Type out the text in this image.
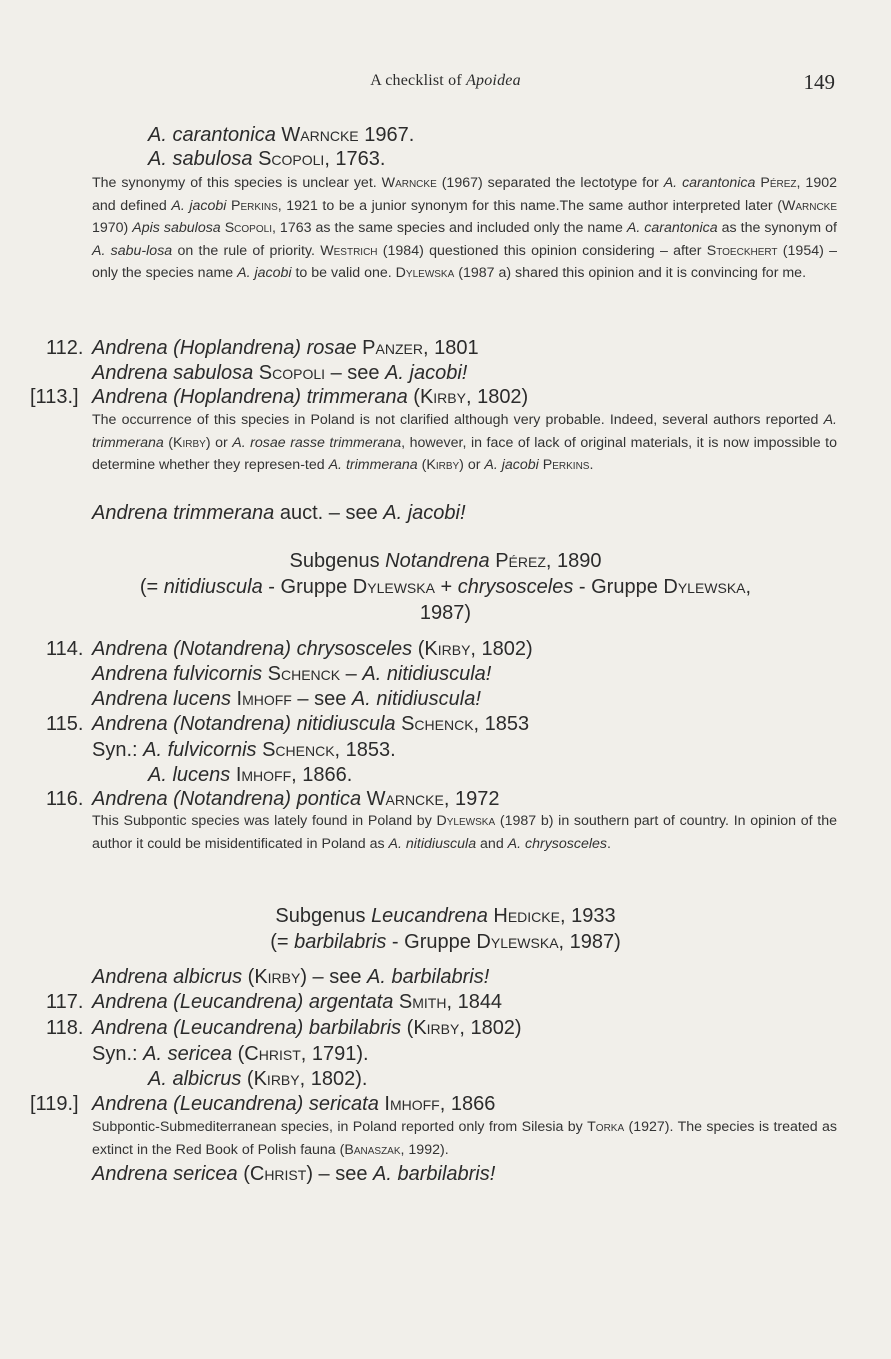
A checklist of Apoidea	149
A. carantonica Warncke 1967.
A. sabulosa Scopoli, 1763.
The synonymy of this species is unclear yet. Warncke (1967) separated the lectotype for A. carantonica Pérez, 1902 and defined A. jacobi Perkins, 1921 to be a junior synonym for this name.The same author interpreted later (Warncke 1970) Apis sabulosa Scopoli, 1763 as the same species and included only the name A. carantonica as the synonym of A. sabu-losa on the rule of priority. Westrich (1984) questioned this opinion considering – after Stoeckhert (1954) – only the species name A. jacobi to be valid one. Dylewska (1987 a) shared this opinion and it is convincing for me.
112. Andrena (Hoplandrena) rosae Panzer, 1801
Andrena sabulosa Scopoli – see A. jacobi!
[113.] Andrena (Hoplandrena) trimmerana (Kirby, 1802)
The occurrence of this species in Poland is not clarified although very probable. Indeed, several authors reported A. trimmerana (Kirby) or A. rosae rasse trimmerana, however, in face of lack of original materials, it is now impossible to determine whether they represen-ted A. trimmerana (Kirby) or A. jacobi Perkins.
Andrena trimmerana auct. – see A. jacobi!
Subgenus Notandrena Pérez, 1890
(= nitidiuscula - Gruppe Dylewska + chrysosceles - Gruppe Dylewska,
1987)
114. Andrena (Notandrena) chrysosceles (Kirby, 1802)
Andrena fulvicornis Schenck – A. nitidiuscula!
Andrena lucens Imhoff – see A. nitidiuscula!
115. Andrena (Notandrena) nitidiuscula Schenck, 1853
Syn.: A. fulvicornis Schenck, 1853.
A. lucens Imhoff, 1866.
116. Andrena (Notandrena) pontica Warncke, 1972
This Subpontic species was lately found in Poland by Dylewska (1987 b) in southern part of country. In opinion of the author it could be misidentificated in Poland as A. nitidiuscula and A. chrysosceles.
Subgenus Leucandrena Hedicke, 1933
(= barbilabris - Gruppe Dylewska, 1987)
Andrena albicrus (Kirby) – see A. barbilabris!
117. Andrena (Leucandrena) argentata Smith, 1844
118. Andrena (Leucandrena) barbilabris (Kirby, 1802)
Syn.: A. sericea (Christ, 1791).
A. albicrus (Kirby, 1802).
[119.] Andrena (Leucandrena) sericata Imhoff, 1866
Subpontic-Submediterranean species, in Poland reported only from Silesia by Torka (1927). The species is treated as extinct in the Red Book of Polish fauna (Banaszak, 1992).
Andrena sericea (Christ) – see A. barbilabris!
